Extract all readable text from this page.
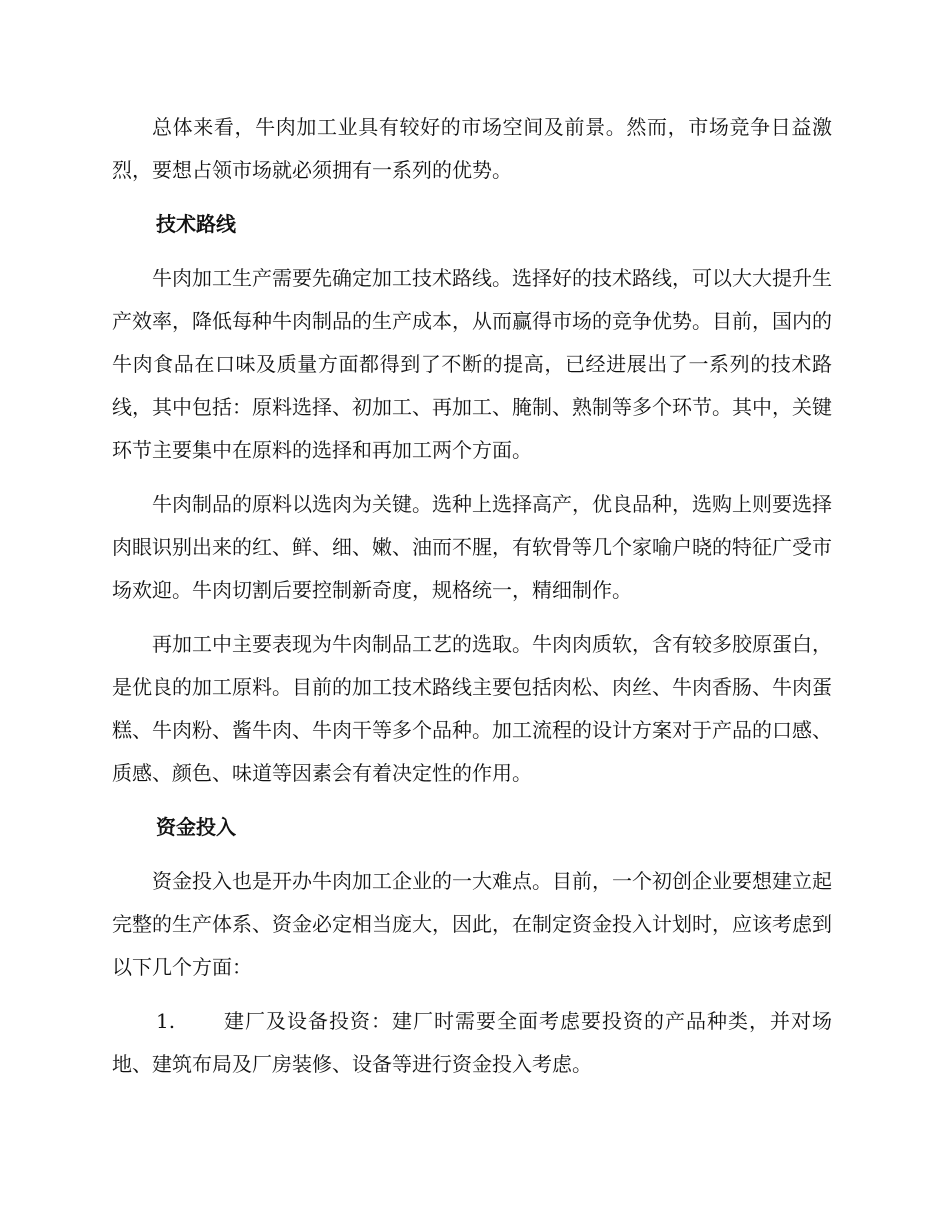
总体来看，牛肉加工业具有较好的市场空间及前景。然而，市场竞争日益激烈，要想占领市场就必须拥有一系列的优势。

技术路线

牛肉加工生产需要先确定加工技术路线。选择好的技术路线，可以大大提升生产效率，降低每种牛肉制品的生产成本，从而赢得市场的竞争优势。目前，国内的牛肉食品在口味及质量方面都得到了不断的提高，已经进展出了一系列的技术路线，其中包括：原料选择、初加工、再加工、腌制、熟制等多个环节。其中，关键环节主要集中在原料的选择和再加工两个方面。

牛肉制品的原料以选肉为关键。选种上选择高产，优良品种，选购上则要选择肉眼识别出来的红、鲜、细、嫩、油而不腥，有软骨等几个家喻户晓的特征广受市场欢迎。牛肉切割后要控制新奇度，规格统一，精细制作。

再加工中主要表现为牛肉制品工艺的选取。牛肉肉质软，含有较多胶原蛋白，是优良的加工原料。目前的加工技术路线主要包括肉松、肉丝、牛肉香肠、牛肉蛋糕、牛肉粉、酱牛肉、牛肉干等多个品种。加工流程的设计方案对于产品的口感、质感、颜色、味道等因素会有着决定性的作用。

资金投入

资金投入也是开办牛肉加工企业的一大难点。目前，一个初创企业要想建立起完整的生产体系、资金必定相当庞大，因此，在制定资金投入计划时，应该考虑到以下几个方面：

1. 建厂及设备投资：建厂时需要全面考虑要投资的产品种类，并对场地、建筑布局及厂房装修、设备等进行资金投入考虑。
